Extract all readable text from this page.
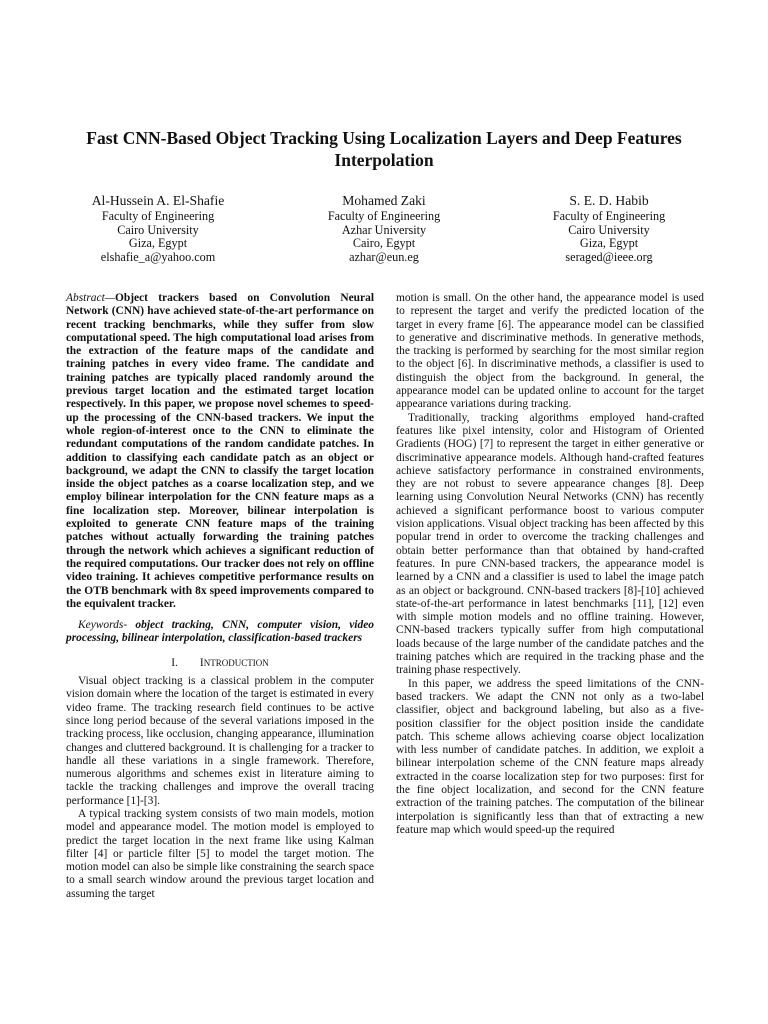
Fast CNN-Based Object Tracking Using Localization Layers and Deep Features Interpolation
Al-Hussein A. El-Shafie
Faculty of Engineering
Cairo University
Giza, Egypt
elshafie_a@yahoo.com
Mohamed Zaki
Faculty of Engineering
Azhar University
Cairo, Egypt
azhar@eun.eg
S. E. D. Habib
Faculty of Engineering
Cairo University
Giza, Egypt
seraged@ieee.org

Abstract—Object trackers based on Convolution Neural Network (CNN) have achieved state-of-the-art performance on recent tracking benchmarks, while they suffer from slow computational speed. The high computational load arises from the extraction of the feature maps of the candidate and training patches in every video frame. The candidate and training patches are typically placed randomly around the previous target location and the estimated target location respectively. In this paper, we propose novel schemes to speed-up the processing of the CNN-based trackers. We input the whole region-of-interest once to the CNN to eliminate the redundant computations of the random candidate patches. In addition to classifying each candidate patch as an object or background, we adapt the CNN to classify the target location inside the object patches as a coarse localization step, and we employ bilinear interpolation for the CNN feature maps as a fine localization step. Moreover, bilinear interpolation is exploited to generate CNN feature maps of the training patches without actually forwarding the training patches through the network which achieves a significant reduction of the required computations. Our tracker does not rely on offline video training. It achieves competitive performance results on the OTB benchmark with 8x speed improvements compared to the equivalent tracker.

Keywords- object tracking, CNN, computer vision, video processing, bilinear interpolation, classification-based trackers

I. INTRODUCTION

Visual object tracking is a classical problem in the computer vision domain where the location of the target is estimated in every video frame. The tracking research field continues to be active since long period because of the several variations imposed in the tracking process, like occlusion, changing appearance, illumination changes and cluttered background. It is challenging for a tracker to handle all these variations in a single framework. Therefore, numerous algorithms and schemes exist in literature aiming to tackle the tracking challenges and improve the overall tracing performance [1]-[3].

A typical tracking system consists of two main models, motion model and appearance model. The motion model is employed to predict the target location in the next frame like using Kalman filter [4] or particle filter [5] to model the target motion. The motion model can also be simple like constraining the search space to a small search window around the previous target location and assuming the target

motion is small. On the other hand, the appearance model is used to represent the target and verify the predicted location of the target in every frame [6]. The appearance model can be classified to generative and discriminative methods. In generative methods, the tracking is performed by searching for the most similar region to the object [6]. In discriminative methods, a classifier is used to distinguish the object from the background. In general, the appearance model can be updated online to account for the target appearance variations during tracking.

Traditionally, tracking algorithms employed hand-crafted features like pixel intensity, color and Histogram of Oriented Gradients (HOG) [7] to represent the target in either generative or discriminative appearance models. Although hand-crafted features achieve satisfactory performance in constrained environments, they are not robust to severe appearance changes [8]. Deep learning using Convolution Neural Networks (CNN) has recently achieved a significant performance boost to various computer vision applications. Visual object tracking has been affected by this popular trend in order to overcome the tracking challenges and obtain better performance than that obtained by hand-crafted features. In pure CNN-based trackers, the appearance model is learned by a CNN and a classifier is used to label the image patch as an object or background. CNN-based trackers [8]-[10] achieved state-of-the-art performance in latest benchmarks [11], [12] even with simple motion models and no offline training. However, CNN-based trackers typically suffer from high computational loads because of the large number of the candidate patches and the training patches which are required in the tracking phase and the training phase respectively.

In this paper, we address the speed limitations of the CNN-based trackers. We adapt the CNN not only as a two-label classifier, object and background labeling, but also as a five-position classifier for the object position inside the candidate patch. This scheme allows achieving coarse object localization with less number of candidate patches. In addition, we exploit a bilinear interpolation scheme of the CNN feature maps already extracted in the coarse localization step for two purposes: first for the fine object localization, and second for the CNN feature extraction of the training patches. The computation of the bilinear interpolation is significantly less than that of extracting a new feature map which would speed-up the required
